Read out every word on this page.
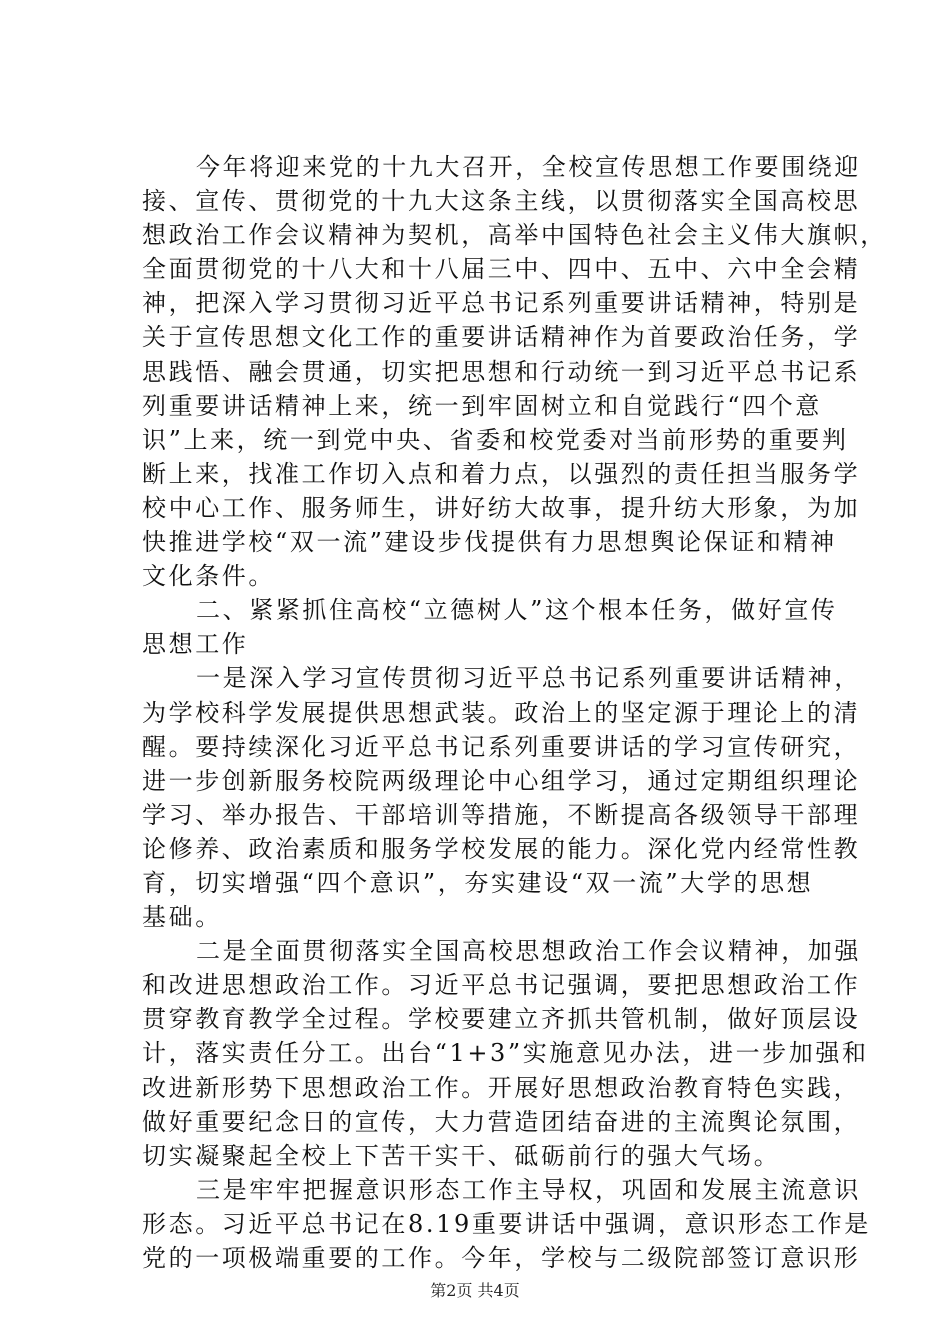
今年将迎来党的十九大召开，全校宣传思想工作要围绕迎
接、宣传、贯彻党的十九大这条主线，以贯彻落实全国高校思
想政治工作会议精神为契机，高举中国特色社会主义伟大旗帜，
全面贯彻党的十八大和十八届三中、四中、五中、六中全会精
神，把深入学习贯彻习近平总书记系列重要讲话精神，特别是
关于宣传思想文化工作的重要讲话精神作为首要政治任务，学
思践悟、融会贯通，切实把思想和行动统一到习近平总书记系
列重要讲话精神上来，统一到牢固树立和自觉践行“四个意
识”上来，统一到党中央、省委和校党委对当前形势的重要判
断上来，找准工作切入点和着力点，以强烈的责任担当服务学
校中心工作、服务师生，讲好纺大故事，提升纺大形象，为加
快推进学校“双一流”建设步伐提供有力思想舆论保证和精神
文化条件。
二、紧紧抓住高校“立德树人”这个根本任务，做好宣传
思想工作
一是深入学习宣传贯彻习近平总书记系列重要讲话精神，
为学校科学发展提供思想武装。政治上的坚定源于理论上的清
醒。要持续深化习近平总书记系列重要讲话的学习宣传研究，
进一步创新服务校院两级理论中心组学习，通过定期组织理论
学习、举办报告、干部培训等措施，不断提高各级领导干部理
论修养、政治素质和服务学校发展的能力。深化党内经常性教
育，切实增强“四个意识”，夯实建设“双一流”大学的思想
基础。
二是全面贯彻落实全国高校思想政治工作会议精神，加强
和改进思想政治工作。习近平总书记强调，要把思想政治工作
贯穿教育教学全过程。学校要建立齐抓共管机制，做好顶层设
计，落实责任分工。出台“1+3”实施意见办法，进一步加强和
改进新形势下思想政治工作。开展好思想政治教育特色实践，
做好重要纪念日的宣传，大力营造团结奋进的主流舆论氛围，
切实凝聚起全校上下苦干实干、砥砺前行的强大气场。
三是牢牢把握意识形态工作主导权，巩固和发展主流意识
形态。习近平总书记在8.19重要讲话中强调，意识形态工作是
党的一项极端重要的工作。今年，学校与二级院部签订意识形
第2页 共4页
